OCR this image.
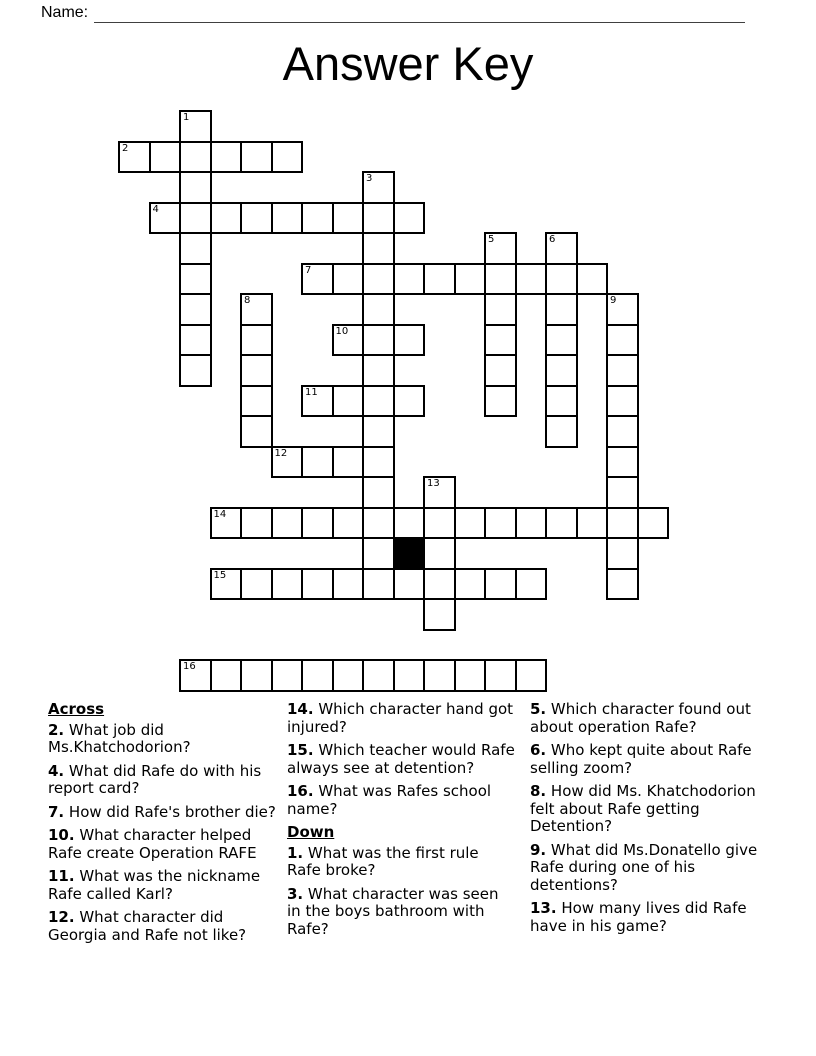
Name:
Answer Key
1
2
3
4
5	6
7
8	9
10
11
12
13
14
15
16
Across

2. What job did Ms.Khatchodorion?

4. What did Rafe do with his report card?

7. How did Rafe's brother die?

10. What character helped Rafe create Operation RAFE

11. What was the nickname Rafe called Karl?

12. What character did Georgia and Rafe not like?

14. Which character hand got injured?

15. Which teacher would Rafe always see at detention?

16. What was Rafes school name?

Down

1. What was the first rule Rafe broke?

3. What character was seen in the boys bathroom with Rafe?

5. Which character found out about operation Rafe?

6. Who kept quite about Rafe selling zoom?

8. How did Ms. Khatchodorion felt about Rafe getting Detention?

9. What did Ms.Donatello give Rafe during one of his detentions?

13. How many lives did Rafe have in his game?
